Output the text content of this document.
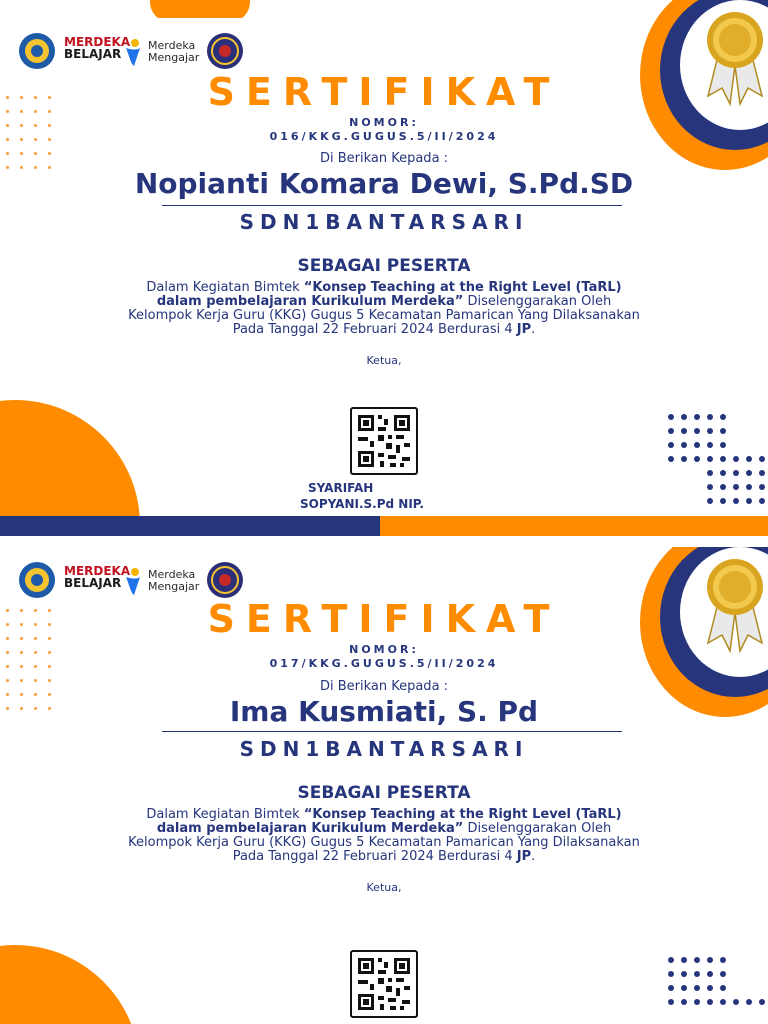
MERDEKA
BELAJAR
Merdeka
Mengajar
SERTIFIKAT
NOMOR:
016/KKG.GUGUS.5/II/2024
Di Berikan Kepada :
Nopianti Komara Dewi, S.Pd.SD
SDN1BANTARSARI
SEBAGAI PESERTA
Dalam Kegiatan Bimtek “Konsep Teaching at the Right Level (TaRL)
dalam pembelajaran Kurikulum Merdeka” Diselenggarakan Oleh
Kelompok Kerja Guru (KKG) Gugus 5 Kecamatan Pamarican Yang Dilaksanakan
Pada Tanggal 22 Februari 2024 Berdurasi 4 JP.
Ketua,
SYARIFAH
SOPYANI.S.Pd NIP.
MERDEKA
BELAJAR
Merdeka
Mengajar
SERTIFIKAT
NOMOR:
017/KKG.GUGUS.5/II/2024
Di Berikan Kepada :
Ima Kusmiati, S. Pd
SDN1BANTARSARI
SEBAGAI PESERTA
Dalam Kegiatan Bimtek “Konsep Teaching at the Right Level (TaRL)
dalam pembelajaran Kurikulum Merdeka” Diselenggarakan Oleh
Kelompok Kerja Guru (KKG) Gugus 5 Kecamatan Pamarican Yang Dilaksanakan
Pada Tanggal 22 Februari 2024 Berdurasi 4 JP.
Ketua,
